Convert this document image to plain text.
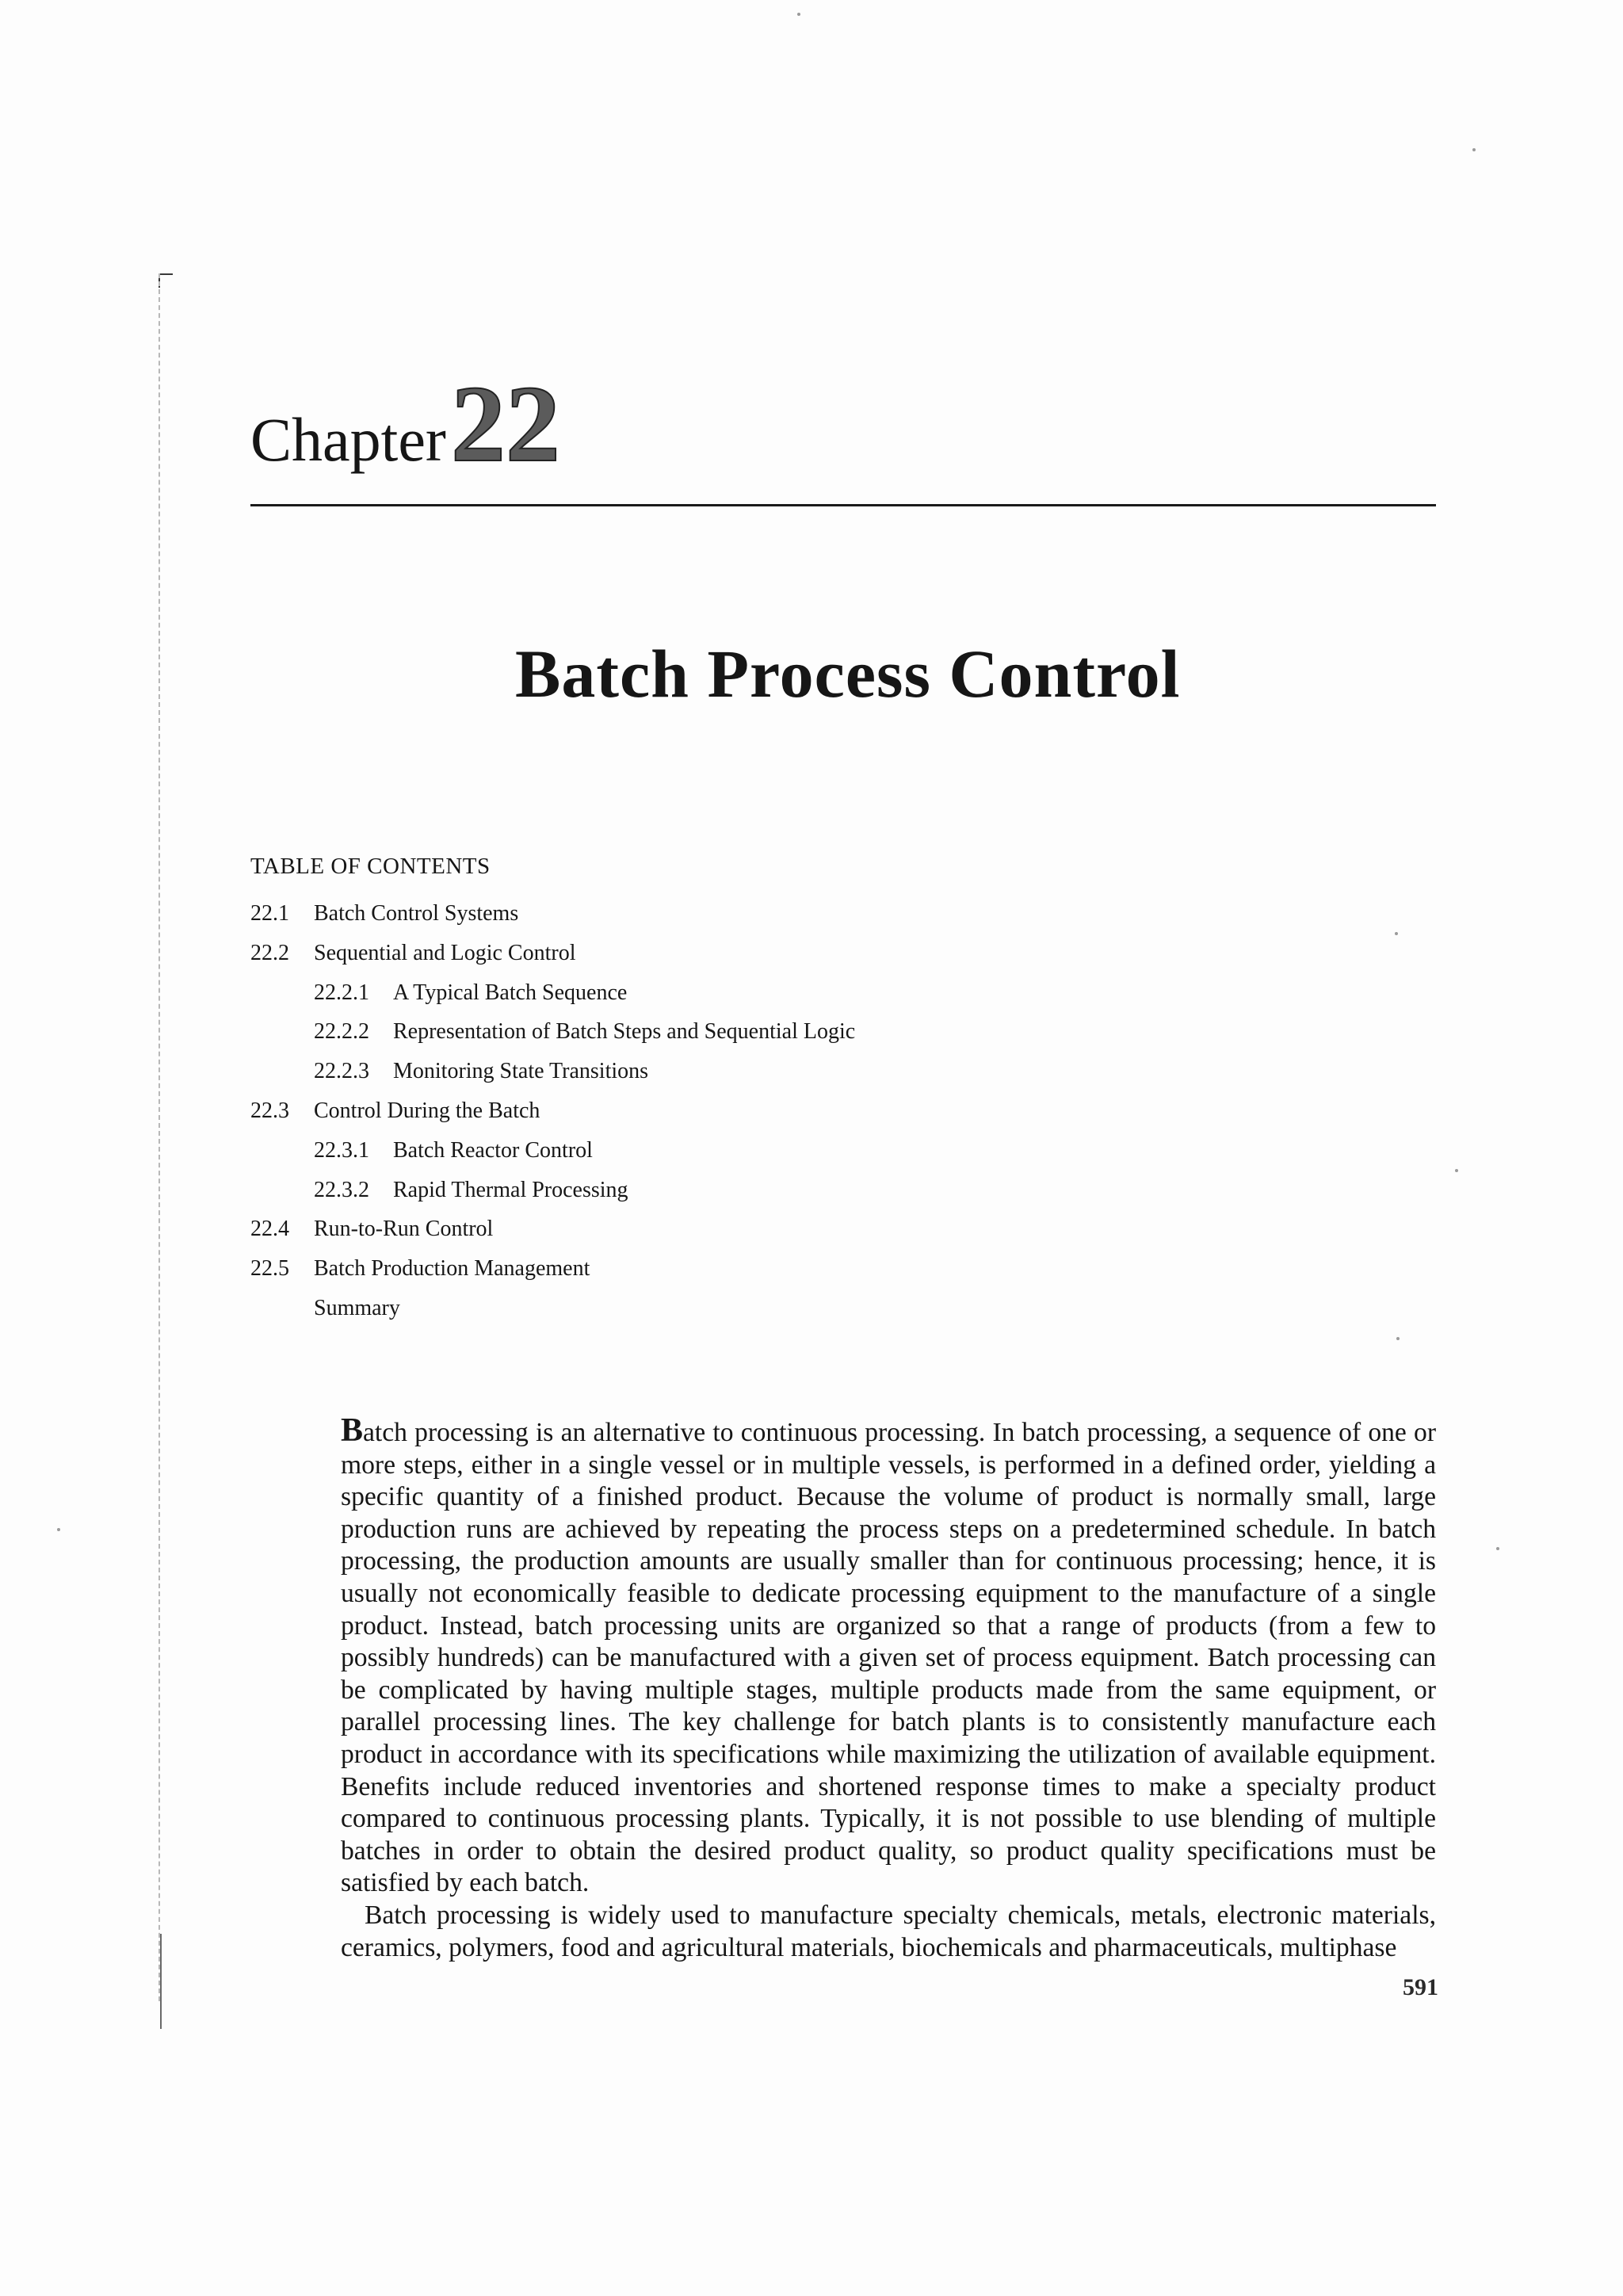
Chapter22
Batch Process Control
TABLE OF CONTENTS
22.1 Batch Control Systems
22.2 Sequential and Logic Control
22.2.1 A Typical Batch Sequence
22.2.2 Representation of Batch Steps and Sequential Logic
22.2.3 Monitoring State Transitions
22.3 Control During the Batch
22.3.1 Batch Reactor Control
22.3.2 Rapid Thermal Processing
22.4 Run-to-Run Control
22.5 Batch Production Management
Summary

Batch processing is an alternative to continuous processing. In batch processing, a sequence of one or more steps, either in a single vessel or in multiple vessels, is performed in a defined order, yielding a specific quantity of a finished product. Because the volume of product is normally small, large production runs are achieved by repeating the process steps on a predetermined schedule. In batch processing, the production amounts are usually smaller than for continuous processing; hence, it is usually not economically feasible to dedicate processing equipment to the manufacture of a single product. Instead, batch processing units are organized so that a range of products (from a few to possibly hundreds) can be manufactured with a given set of process equipment. Batch processing can be complicated by having multiple stages, multiple products made from the same equipment, or parallel processing lines. The key challenge for batch plants is to consistently manufacture each product in accordance with its specifications while maximizing the utilization of available equipment. Benefits include reduced inventories and shortened response times to make a specialty product compared to continuous processing plants. Typically, it is not possible to use blending of multiple batches in order to obtain the desired product quality, so product quality specifications must be satisfied by each batch.

Batch processing is widely used to manufacture specialty chemicals, metals, electronic materials, ceramics, polymers, food and agricultural materials, biochemicals and pharmaceuticals, multiphase

591
